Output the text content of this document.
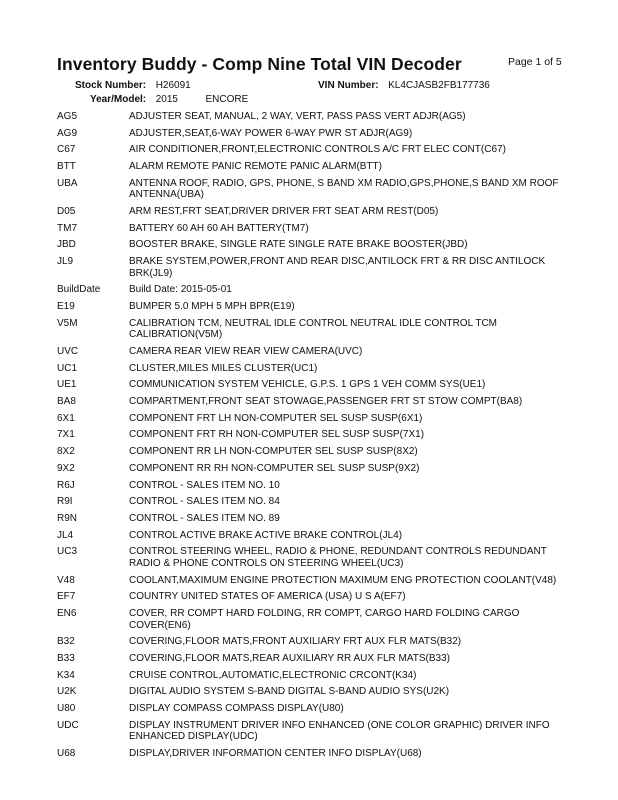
Inventory Buddy - Comp Nine Total VIN Decoder	Page 1 of 5
Stock Number: H26091	VIN Number: KL4CJASB2FB177736
Year/Model: 2015	ENCORE
AG5	ADJUSTER SEAT, MANUAL, 2 WAY, VERT, PASS PASS VERT ADJR(AG5)
AG9	ADJUSTER,SEAT,6-WAY POWER 6-WAY PWR ST ADJR(AG9)
C67	AIR CONDITIONER,FRONT,ELECTRONIC CONTROLS A/C FRT ELEC CONT(C67)
BTT	ALARM REMOTE PANIC REMOTE PANIC ALARM(BTT)
UBA	ANTENNA ROOF, RADIO, GPS, PHONE, S BAND XM RADIO,GPS,PHONE,S BAND XM ROOF ANTENNA(UBA)
D05	ARM REST,FRT SEAT,DRIVER DRIVER FRT SEAT ARM REST(D05)
TM7	BATTERY 60 AH 60 AH BATTERY(TM7)
JBD	BOOSTER BRAKE, SINGLE RATE SINGLE RATE BRAKE BOOSTER(JBD)
JL9	BRAKE SYSTEM,POWER,FRONT AND REAR DISC,ANTILOCK FRT & RR DISC ANTILOCK BRK(JL9)
BuildDate	Build Date: 2015-05-01
E19	BUMPER 5.0 MPH 5 MPH BPR(E19)
V5M	CALIBRATION TCM, NEUTRAL IDLE CONTROL NEUTRAL IDLE CONTROL TCM CALIBRATION(V5M)
UVC	CAMERA REAR VIEW REAR VIEW CAMERA(UVC)
UC1	CLUSTER,MILES MILES CLUSTER(UC1)
UE1	COMMUNICATION SYSTEM VEHICLE, G.P.S. 1 GPS 1 VEH COMM SYS(UE1)
BA8	COMPARTMENT,FRONT SEAT STOWAGE,PASSENGER FRT ST STOW COMPT(BA8)
6X1	COMPONENT FRT LH NON-COMPUTER SEL SUSP SUSP(6X1)
7X1	COMPONENT FRT RH NON-COMPUTER SEL SUSP SUSP(7X1)
8X2	COMPONENT RR LH NON-COMPUTER SEL SUSP SUSP(8X2)
9X2	COMPONENT RR RH NON-COMPUTER SEL SUSP SUSP(9X2)
R6J	CONTROL - SALES ITEM NO. 10
R9I	CONTROL - SALES ITEM NO. 84
R9N	CONTROL - SALES ITEM NO. 89
JL4	CONTROL ACTIVE BRAKE ACTIVE BRAKE CONTROL(JL4)
UC3	CONTROL STEERING WHEEL, RADIO & PHONE, REDUNDANT CONTROLS REDUNDANT RADIO & PHONE CONTROLS ON STEERING WHEEL(UC3)
V48	COOLANT,MAXIMUM ENGINE PROTECTION MAXIMUM ENG PROTECTION COOLANT(V48)
EF7	COUNTRY UNITED STATES OF AMERICA (USA) U S A(EF7)
EN6	COVER, RR COMPT HARD FOLDING, RR COMPT, CARGO HARD FOLDING CARGO COVER(EN6)
B32	COVERING,FLOOR MATS,FRONT AUXILIARY FRT AUX FLR MATS(B32)
B33	COVERING,FLOOR MATS,REAR AUXILIARY RR AUX FLR MATS(B33)
K34	CRUISE CONTROL,AUTOMATIC,ELECTRONIC CRCONT(K34)
U2K	DIGITAL AUDIO SYSTEM S-BAND DIGITAL S-BAND AUDIO SYS(U2K)
U80	DISPLAY COMPASS COMPASS DISPLAY(U80)
UDC	DISPLAY INSTRUMENT DRIVER INFO ENHANCED (ONE COLOR GRAPHIC) DRIVER INFO ENHANCED DISPLAY(UDC)
U68	DISPLAY,DRIVER INFORMATION CENTER INFO DISPLAY(U68)
